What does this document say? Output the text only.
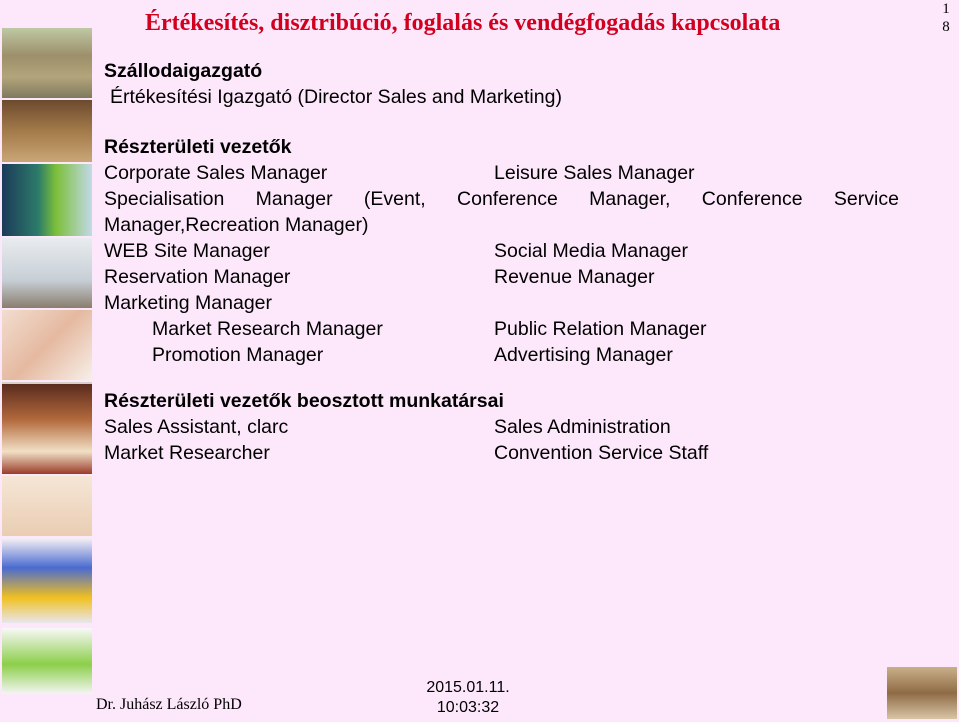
Értékesítés, disztribúció, foglalás és vendégfogadás kapcsolata
18
Szállodaigazgató
Értékesítési Igazgató (Director Sales and Marketing)
Részterületi vezetők
Corporate Sales Manager	Leisure Sales Manager
Specialisation Manager (Event, Conference Manager, Conference Service
Manager,Recreation Manager)
WEB Site Manager	Social Media Manager
Reservation Manager	Revenue Manager
Marketing Manager
Market Research Manager	Public Relation Manager
Promotion Manager	Advertising Manager
Részterületi vezetők beosztott munkatársai
Sales Assistant, clarc	Sales Administration
Market Researcher	Convention Service Staff
Dr. Juhász László PhD
2015.01.11.
10:03:32
